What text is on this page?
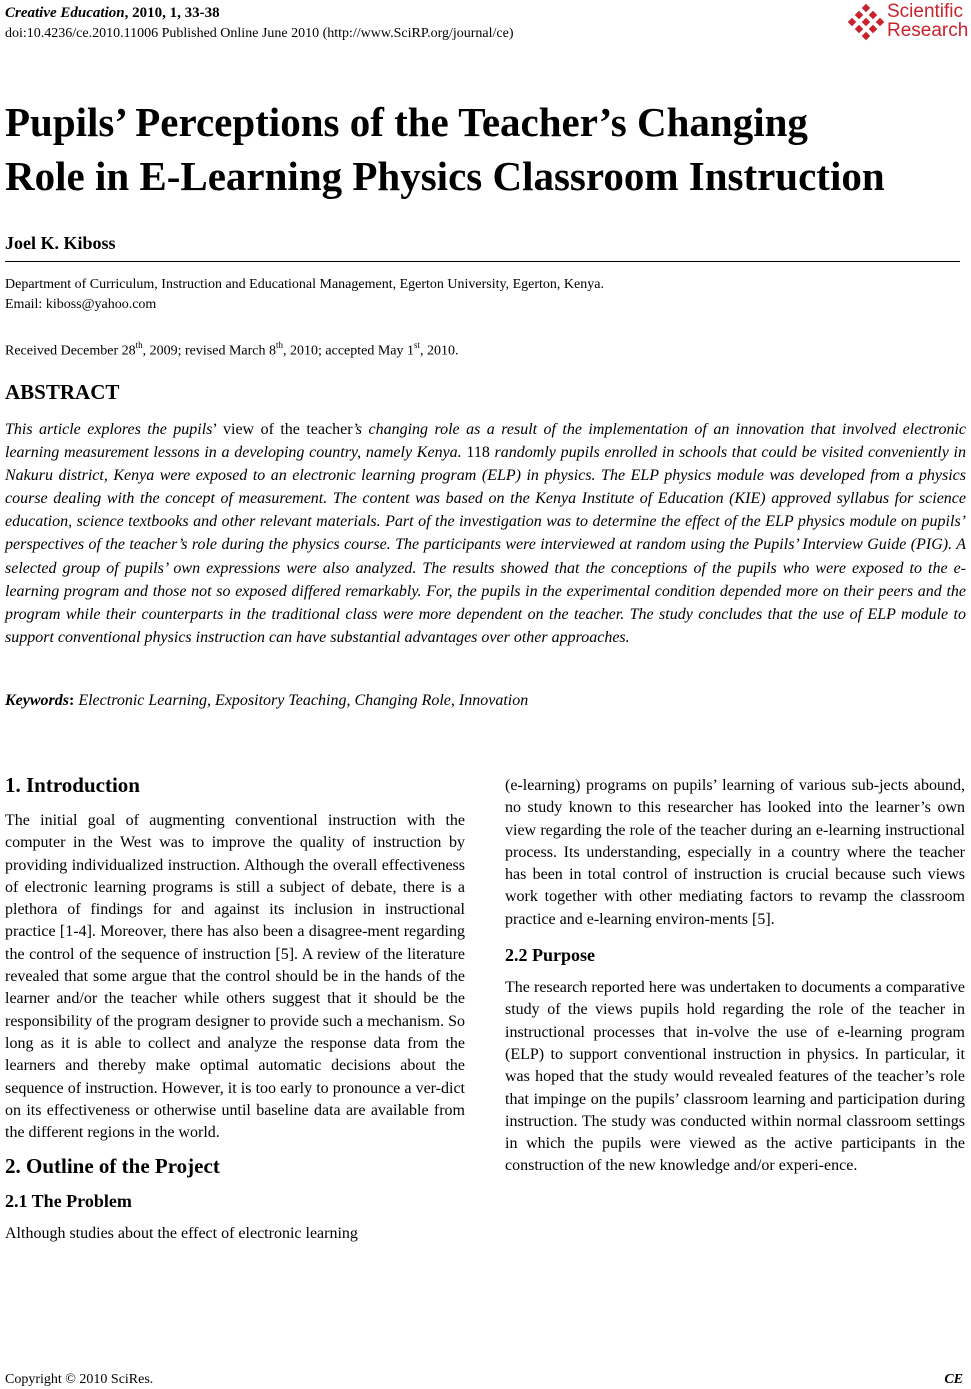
Creative Education, 2010, 1, 33-38
doi:10.4236/ce.2010.11006 Published Online June 2010 (http://www.SciRP.org/journal/ce)
Scientific
Research
Pupils’ Perceptions of the Teacher’s Changing
Role in E-Learning Physics Classroom Instruction
Joel K. Kiboss
Department of Curriculum, Instruction and Educational Management, Egerton University, Egerton, Kenya.
Email: kiboss@yahoo.com
Received December 28th, 2009; revised March 8th, 2010; accepted May 1st, 2010.
ABSTRACT
This article explores the pupils’ view of the teacher’s changing role as a result of the implementation of an innovation that involved electronic learning measurement lessons in a developing country, namely Kenya. 118 randomly pupils enrolled in schools that could be visited conveniently in Nakuru district, Kenya were exposed to an electronic learning program (ELP) in physics. The ELP physics module was developed from a physics course dealing with the concept of measurement. The content was based on the Kenya Institute of Education (KIE) approved syllabus for science education, science textbooks and other relevant materials. Part of the investigation was to determine the effect of the ELP physics module on pupils’ perspectives of the teacher’s role during the physics course. The participants were interviewed at random using the Pupils’ Interview Guide (PIG). A selected group of pupils’ own expressions were also analyzed. The results showed that the conceptions of the pupils who were exposed to the e-learning program and those not so exposed differed remarkably. For, the pupils in the experimental condition depended more on their peers and the program while their counterparts in the traditional class were more dependent on the teacher. The study concludes that the use of ELP module to support conventional physics instruction can have substantial advantages over other approaches.
Keywords: Electronic Learning, Expository Teaching, Changing Role, Innovation
1. Introduction

The initial goal of augmenting conventional instruction with the computer in the West was to improve the quality of instruction by providing individualized instruction. Although the overall effectiveness of electronic learning programs is still a subject of debate, there is a plethora of findings for and against its inclusion in instructional practice [1-4]. Moreover, there has also been a disagree-ment regarding the control of the sequence of instruction [5]. A review of the literature revealed that some argue that the control should be in the hands of the learner and/or the teacher while others suggest that it should be the responsibility of the program designer to provide such a mechanism. So long as it is able to collect and analyze the response data from the learners and thereby make optimal automatic decisions about the sequence of instruction. However, it is too early to pronounce a ver-dict on its effectiveness or otherwise until baseline data are available from the different regions in the world.

2. Outline of the Project
2.1 The Problem

Although studies about the effect of electronic learning

(e-learning) programs on pupils’ learning of various sub-jects abound, no study known to this researcher has looked into the learner’s own view regarding the role of the teacher during an e-learning instructional process. Its understanding, especially in a country where the teacher has been in total control of instruction is crucial because such views work together with other mediating factors to revamp the classroom practice and e-learning environ-ments [5].

2.2 Purpose

The research reported here was undertaken to documents a comparative study of the views pupils hold regarding the role of the teacher in instructional processes that in-volve the use of e-learning program (ELP) to support conventional instruction in physics. In particular, it was hoped that the study would revealed features of the teacher’s role that impinge on the pupils’ classroom learning and participation during instruction. The study was conducted within normal classroom settings in which the pupils were viewed as the active participants in the construction of the new knowledge and/or experi-ence.

Copyright © 2010 SciRes.	CE
